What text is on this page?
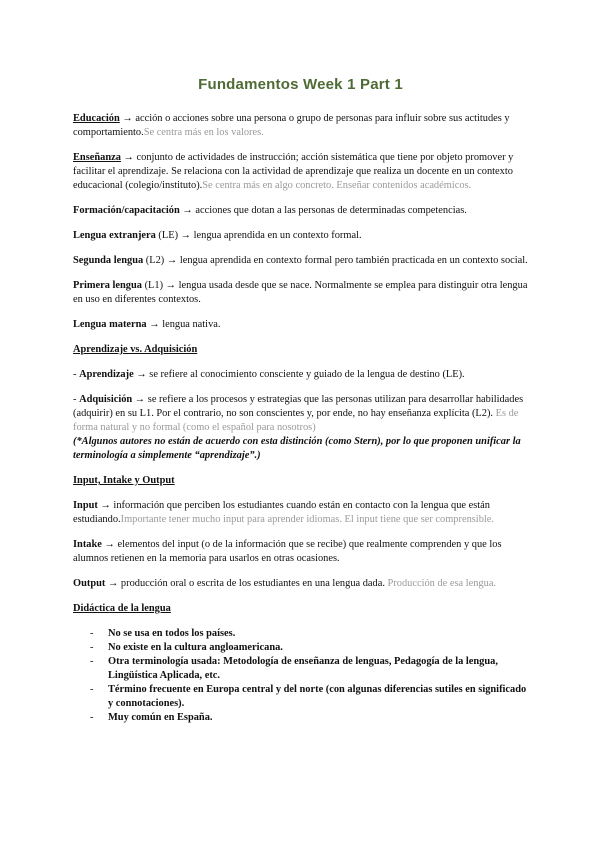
Fundamentos Week 1 Part 1

Educación → acción o acciones sobre una persona o grupo de personas para influir sobre sus actitudes y comportamiento.Se centra más en los valores.

Enseñanza → conjunto de actividades de instrucción; acción sistemática que tiene por objeto promover y facilitar el aprendizaje. Se relaciona con la actividad de aprendizaje que realiza un docente en un contexto educacional (colegio/instituto).Se centra más en algo concreto. Enseñar contenidos académicos.

Formación/capacitación → acciones que dotan a las personas de determinadas competencias.

Lengua extranjera (LE) → lengua aprendida en un contexto formal.

Segunda lengua (L2) → lengua aprendida en contexto formal pero también practicada en un contexto social.

Primera lengua (L1) → lengua usada desde que se nace. Normalmente se emplea para distinguir otra lengua en uso en diferentes contextos.

Lengua materna → lengua nativa.

Aprendizaje vs. Adquisición

- Aprendizaje → se refiere al conocimiento consciente y guiado de la lengua de destino (LE).

- Adquisición → se refiere a los procesos y estrategias que las personas utilizan para desarrollar habilidades (adquirir) en su L1. Por el contrario, no son conscientes y, por ende, no hay enseñanza explícita (L2). Es de forma natural y no formal (como el español para nosotros)

(*Algunos autores no están de acuerdo con esta distinción (como Stern), por lo que proponen unificar la terminología a simplemente “aprendizaje”.)

Input, Intake y Output

Input → información que perciben los estudiantes cuando están en contacto con la lengua que están estudiando.Importante tener mucho input para aprender idiomas. El input tiene que ser comprensible.

Intake → elementos del input (o de la información que se recibe) que realmente comprenden y que los alumnos retienen en la memoria para usarlos en otras ocasiones.

Output → producción oral o escrita de los estudiantes en una lengua dada. Producción de esa lengua.

Didáctica de la lengua
- No se usa en todos los países.
- No existe en la cultura angloamericana.
- Otra terminología usada: Metodología de enseñanza de lenguas, Pedagogía de la lengua, Lingüística Aplicada, etc.
- Término frecuente en Europa central y del norte (con algunas diferencias sutiles en significado y connotaciones).
- Muy común en España.
